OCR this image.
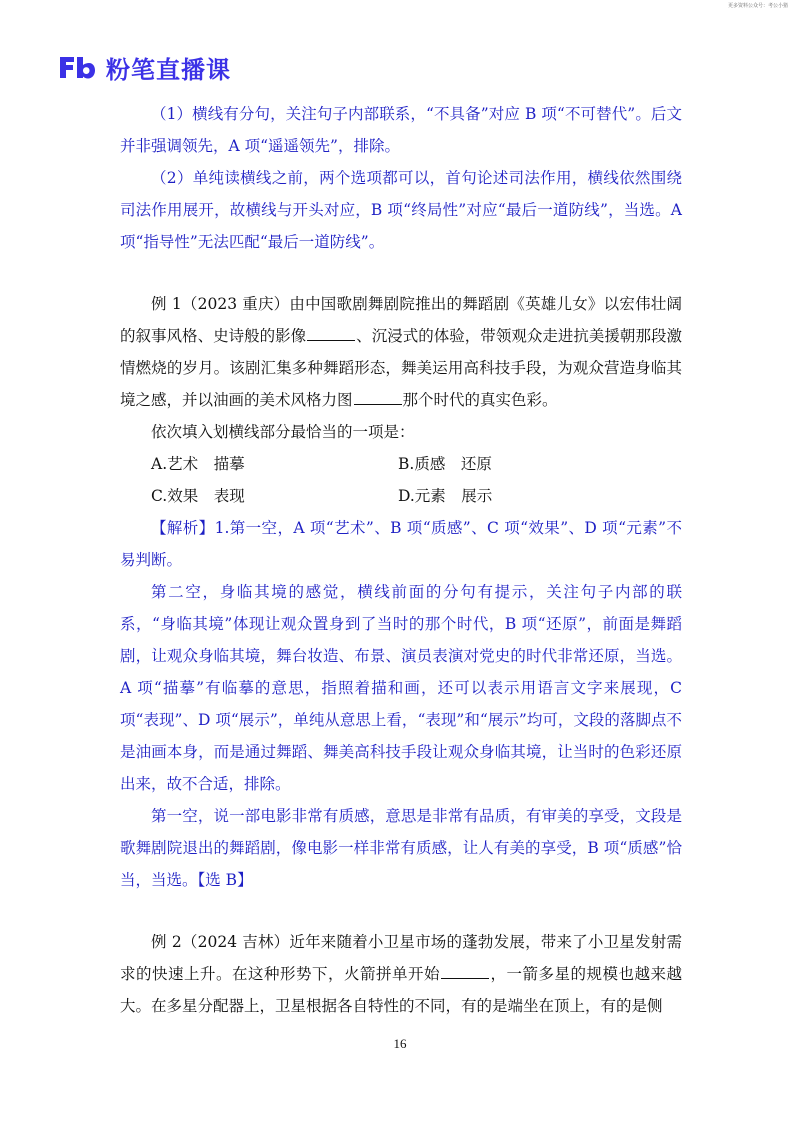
更多资料公众号：考公小猪
粉笔直播课

（1）横线有分句，关注句子内部联系，“不具备”对应 B 项“不可替代”。后文并非强调领先，A 项“遥遥领先”，排除。

（2）单纯读横线之前，两个选项都可以，首句论述司法作用，横线依然围绕司法作用展开，故横线与开头对应，B 项“终局性”对应“最后一道防线”，当选。A 项“指导性”无法匹配“最后一道防线”。

例 1（2023 重庆）由中国歌剧舞剧院推出的舞蹈剧《英雄儿女》以宏伟壮阔的叙事风格、史诗般的影像	、沉浸式的体验，带领观众走进抗美援朝那段激情燃烧的岁月。该剧汇集多种舞蹈形态，舞美运用高科技手段，为观众营造身临其境之感，并以油画的美术风格力图	那个时代的真实色彩。

依次填入划横线部分最恰当的一项是：

A.艺术　描摹	B.质感　还原
C.效果　表现	D.元素　展示

【解析】1.第一空，A 项“艺术”、B 项“质感”、C 项“效果”、D 项“元素”不易判断。

第二空，身临其境的感觉，横线前面的分句有提示，关注句子内部的联系，“身临其境”体现让观众置身到了当时的那个时代，B 项“还原”，前面是舞蹈剧，让观众身临其境，舞台妆造、布景、演员表演对党史的时代非常还原，当选。A 项“描摹”有临摹的意思，指照着描和画，还可以表示用语言文字来展现，C 项“表现”、D 项“展示”，单纯从意思上看，“表现”和“展示”均可，文段的落脚点不是油画本身，而是通过舞蹈、舞美高科技手段让观众身临其境，让当时的色彩还原出来，故不合适，排除。

第一空，说一部电影非常有质感，意思是非常有品质，有审美的享受，文段是歌舞剧院退出的舞蹈剧，像电影一样非常有质感，让人有美的享受，B 项“质感”恰当，当选。【选 B】

例 2（2024 吉林）近年来随着小卫星市场的蓬勃发展，带来了小卫星发射需求的快速上升。在这种形势下，火箭拼单开始	，一箭多星的规模也越来越大。在多星分配器上，卫星根据各自特性的不同，有的是端坐在顶上，有的是侧

16
